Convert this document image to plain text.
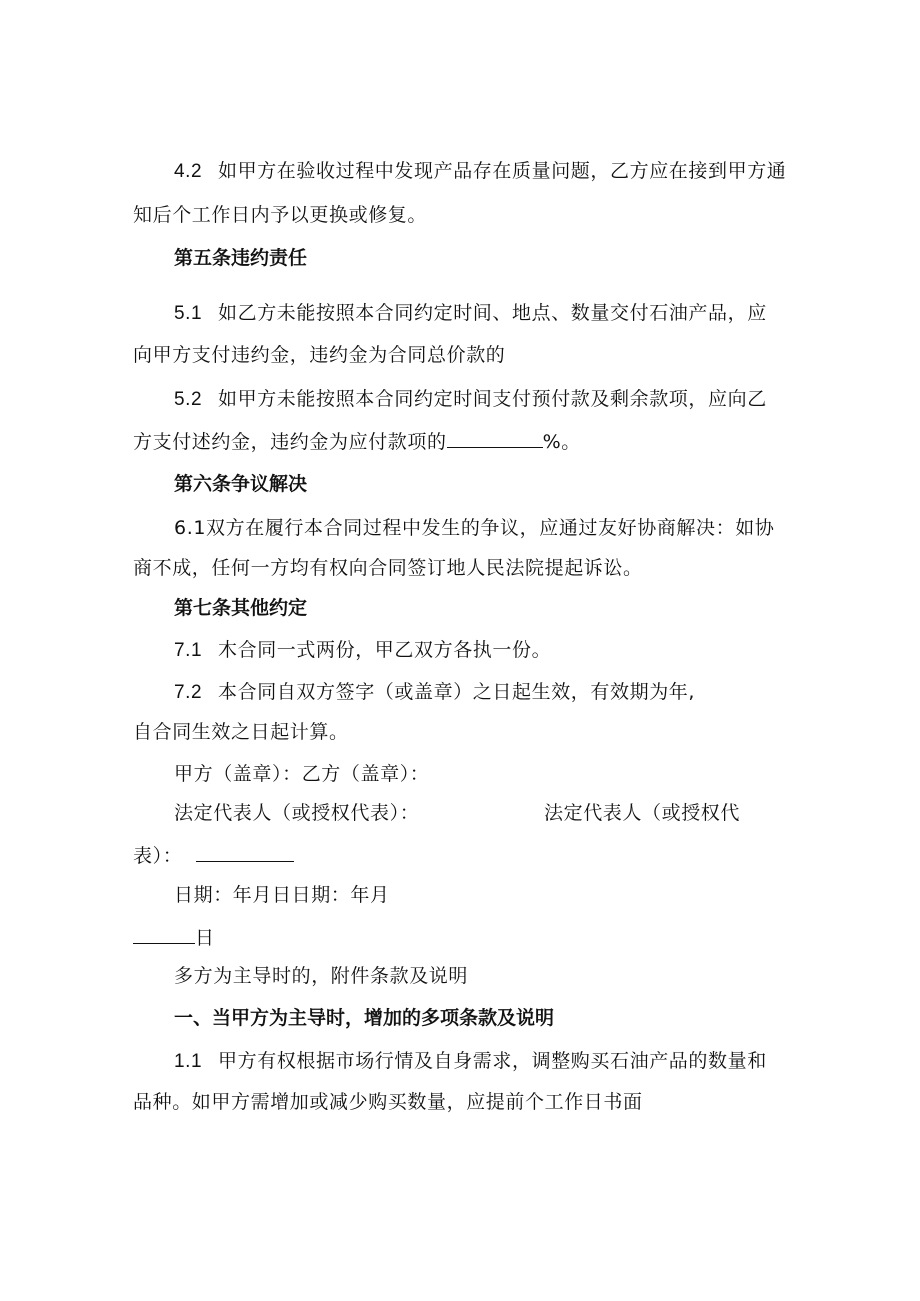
4.2 如甲方在验收过程中发现产品存在质量问题，乙方应在接到甲方通
知后个工作日内予以更换或修复。
第五条违约责任
5.1 如乙方未能按照本合同约定时间、地点、数量交付石油产品，应
向甲方支付违约金，违约金为合同总价款的
5.2 如甲方未能按照本合同约定时间支付预付款及剩余款项，应向乙
方支付述约金，违约金为应付款项的	%。
第六条争议解决
6.1双方在履行本合同过程中发生的争议，应通过友好协商解决：如协
商不成，任何一方均有权向合同签订地人民法院提起诉讼。
第七条其他约定
7.1 木合同一式两份，甲乙双方各执一份。
7.2 本合同自双方签字（或盖章）之日起生效，有效期为年,
自合同生效之日起计算。
甲方（盖章）：乙方（盖章）：
法定代表人（或授权代表）：	法定代表人（或授权代
表）：
日期：年月日日期：年月
日
多方为主导时的，附件条款及说明
一、当甲方为主导时，增加的多项条款及说明
1.1 甲方有权根据市场行情及自身需求，调整购买石油产品的数量和
品种。如甲方需增加或减少购买数量，应提前个工作日书面
